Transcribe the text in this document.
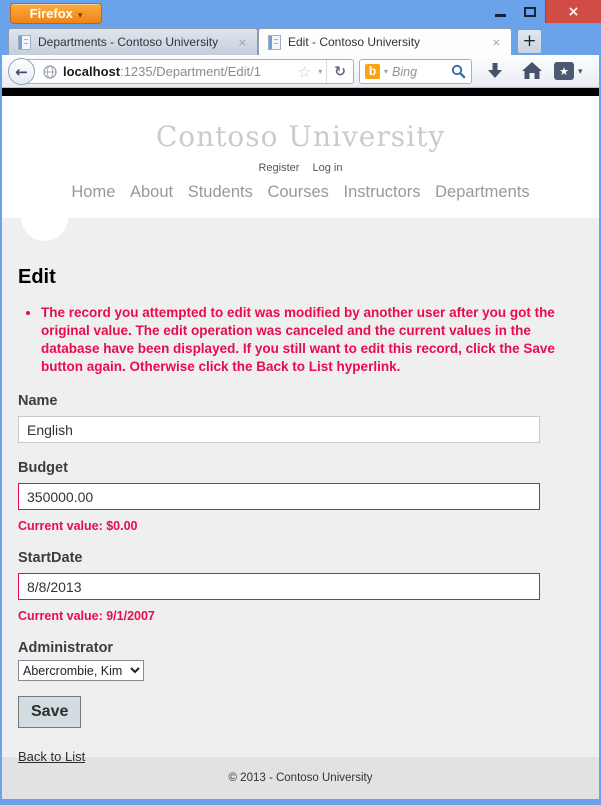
Firefox ▾	×
Departments - Contoso University ×	Edit - Contoso University	×	+
←	localhost:1235/Department/Edit/1 ☆ ▾ ↻	b ▾
Bing	★	▾
Contoso University
Register Log in
Home About Students Courses Instructors Departments
Edit
• The record you attempted to edit was modified by another user after you got the original value. The edit operation was canceled and the current values in the database have been displayed. If you still want to edit this record, click the Save button again. Otherwise click the Back to List hyperlink.
Name
English
Budget
350000.00
Current value: $0.00
StartDate
8/8/2013
Current value: 9/1/2007
Administrator
Abercrombie, Kim
Save
Back to List
© 2013 - Contoso University
